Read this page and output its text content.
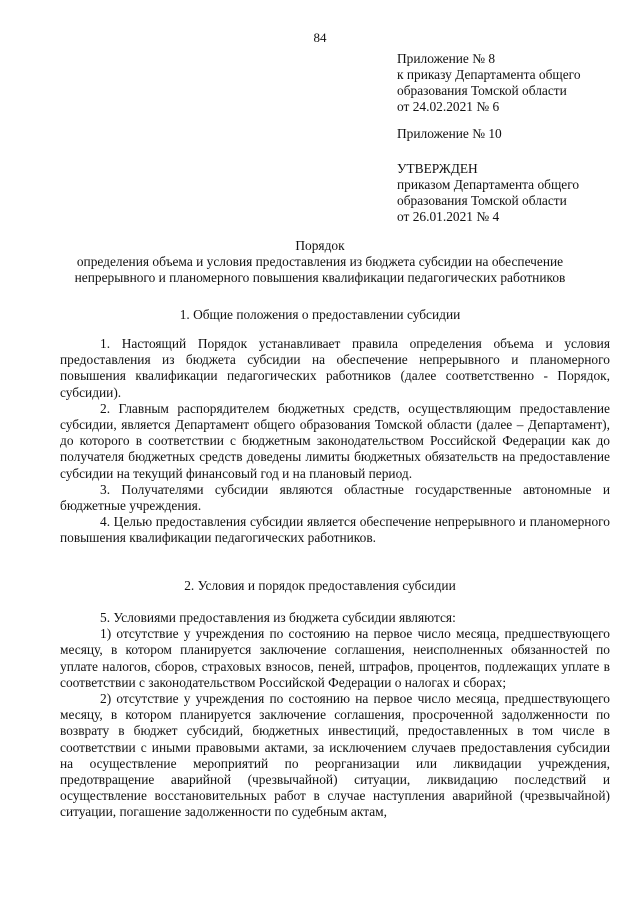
84
Приложение № 8
к приказу Департамента общего
образования Томской области
от 24.02.2021 № 6
Приложение № 10
УТВЕРЖДЕН
приказом Департамента общего
образования Томской области
от 26.01.2021 № 4
Порядок
определения объема и условия предоставления из бюджета субсидии на обеспечение
непрерывного и планомерного повышения квалификации педагогических работников
1. Общие положения о предоставлении субсидии

1. Настоящий Порядок устанавливает правила определения объема и условия предоставления из бюджета субсидии на обеспечение непрерывного и планомерного повышения квалификации педагогических работников (далее соответственно - Порядок, субсидии).

2. Главным распорядителем бюджетных средств, осуществляющим предоставление субсидии, является Департамент общего образования Томской области (далее – Департамент), до которого в соответствии с бюджетным законодательством Российской Федерации как до получателя бюджетных средств доведены лимиты бюджетных обязательств на предоставление субсидии на текущий финансовый год и на плановый период.

3. Получателями субсидии являются областные государственные автономные и бюджетные учреждения.

4. Целью предоставления субсидии является обеспечение непрерывного и планомерного повышения квалификации педагогических работников.

2. Условия и порядок предоставления субсидии

5. Условиями предоставления из бюджета субсидии являются:

1) отсутствие у учреждения по состоянию на первое число месяца, предшествующего месяцу, в котором планируется заключение соглашения, неисполненных обязанностей по уплате налогов, сборов, страховых взносов, пеней, штрафов, процентов, подлежащих уплате в соответствии с законодательством Российской Федерации о налогах и сборах;

2) отсутствие у учреждения по состоянию на первое число месяца, предшествующего месяцу, в котором планируется заключение соглашения, просроченной задолженности по возврату в бюджет субсидий, бюджетных инвестиций, предоставленных в том числе в соответствии с иными правовыми актами, за исключением случаев предоставления субсидии на осуществление мероприятий по реорганизации или ликвидации учреждения, предотвращение аварийной (чрезвычайной) ситуации, ликвидацию последствий и осуществление восстановительных работ в случае наступления аварийной (чрезвычайной) ситуации, погашение задолженности по судебным актам,
